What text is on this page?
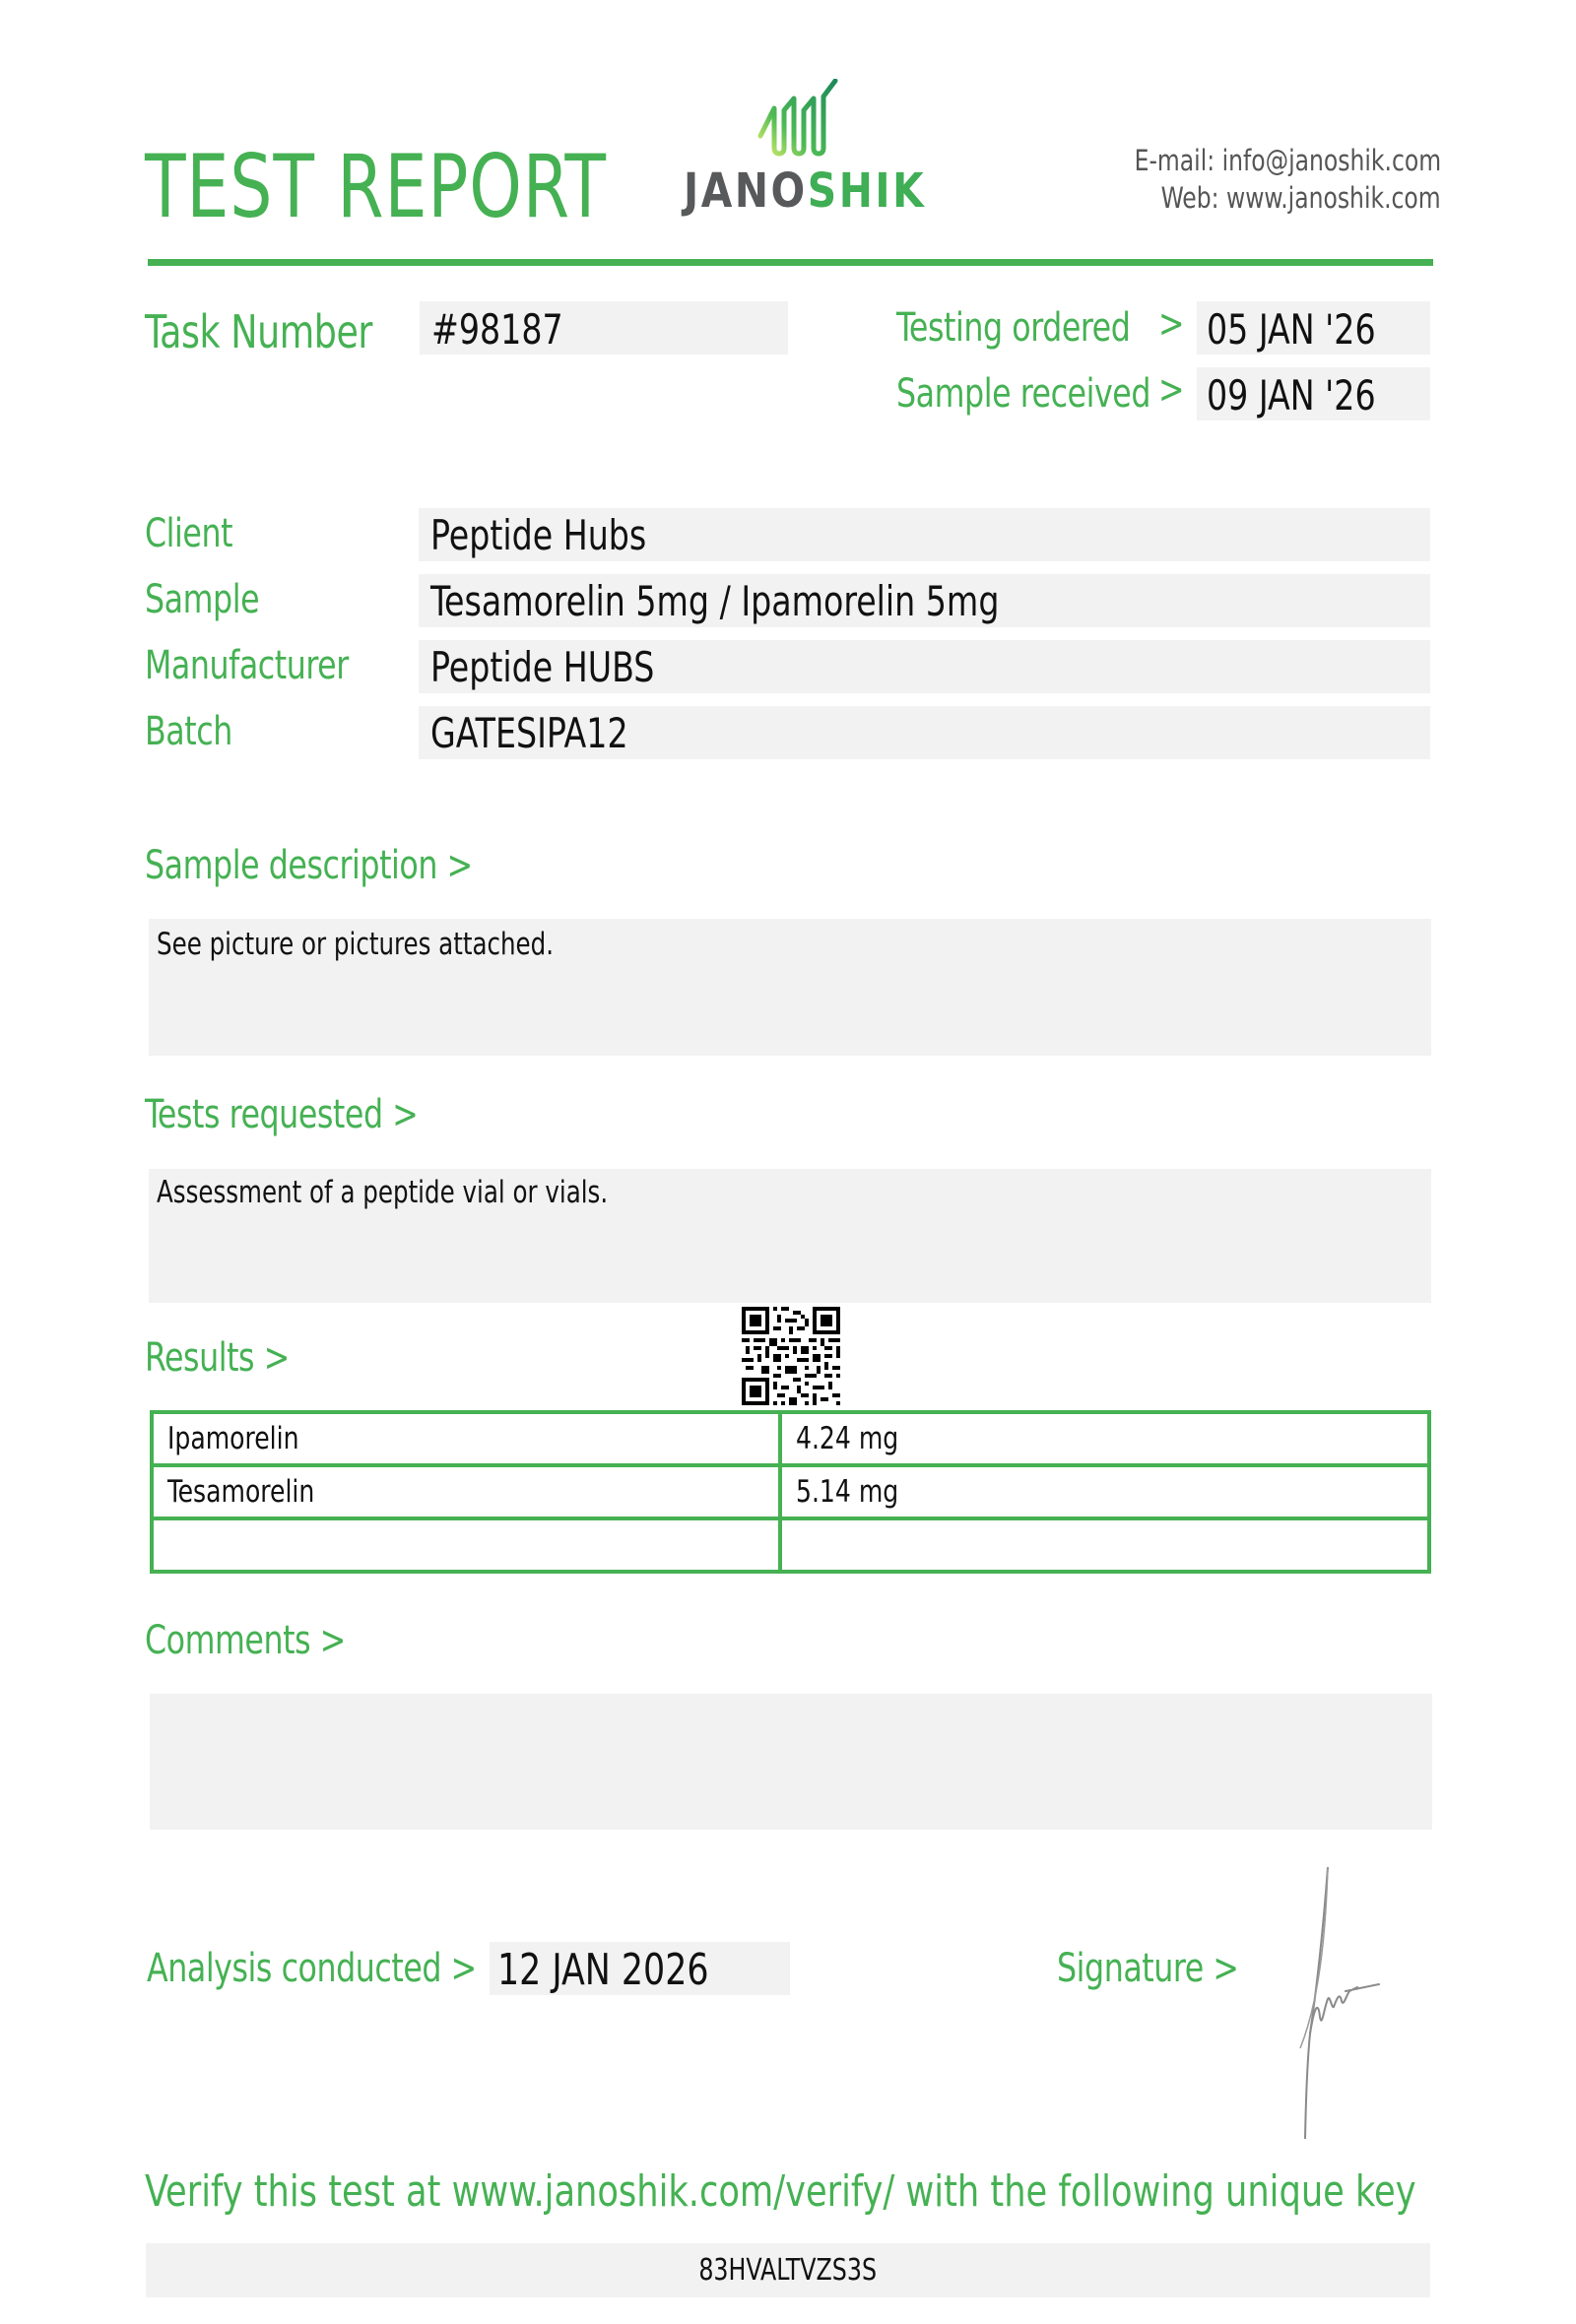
TEST REPORT JANOSHIK
E-mail: info@janoshik.com
Web: www.janoshik.com
Task Number #98187	Testing ordered > 05 JAN '26
Sample received > 09 JAN '26
Client	Peptide Hubs
Sample	Tesamorelin 5mg / Ipamorelin 5mg
Manufacturer Peptide HUBS
Batch	GATESIPA12
Sample description >
See picture or pictures attached.
Tests requested >
Assessment of a peptide vial or vials.
Results >
Ipamorelin	4.24 mg
Tesamorelin	5.14 mg

Comments >
Analysis conducted > 12 JAN 2026	Signature >
Verify this test at www.janoshik.com/verify/ with the following unique key
83HVALTVZS3S
